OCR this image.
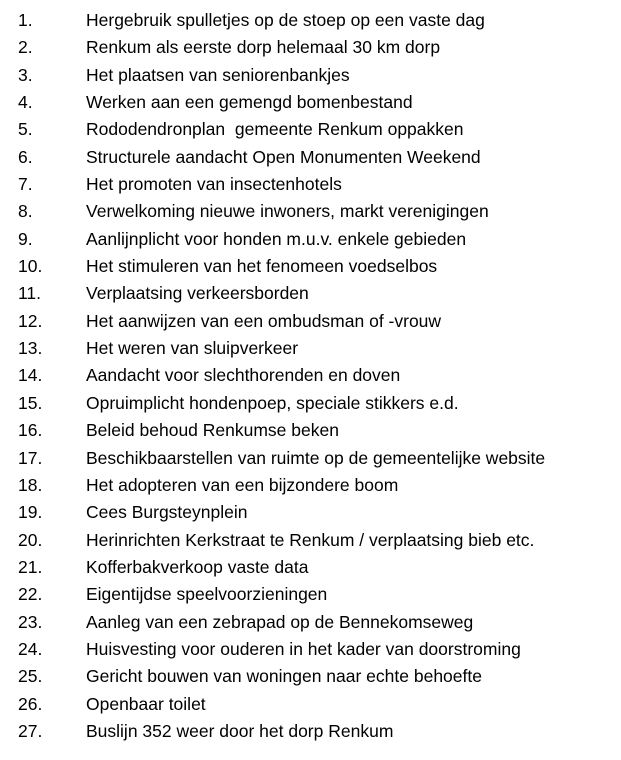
1.	Hergebruik spulletjes op de stoep op een vaste dag
2.	Renkum als eerste dorp helemaal 30 km dorp
3.	Het plaatsen van seniorenbankjes
4.	Werken aan een gemengd bomenbestand
5.	Rododendronplan  gemeente Renkum oppakken
6.	Structurele aandacht Open Monumenten Weekend
7.	Het promoten van insectenhotels
8.	Verwelkoming nieuwe inwoners, markt verenigingen
9.	Aanlijnplicht voor honden m.u.v. enkele gebieden
10. Het stimuleren van het fenomeen voedselbos
11.	Verplaatsing verkeersborden
12. Het aanwijzen van een ombudsman of -vrouw
13. Het weren van sluipverkeer
14. Aandacht voor slechthorenden en doven
15. Opruimplicht hondenpoep, speciale stikkers e.d.
16. Beleid behoud Renkumse beken
17. Beschikbaarstellen van ruimte op de gemeentelijke website
18. Het adopteren van een bijzondere boom
19. Cees Burgsteynplein
20. Herinrichten Kerkstraat te Renkum / verplaatsing bieb etc.
21. Kofferbakverkoop vaste data
22. Eigentijdse speelvoorzieningen
23. Aanleg van een zebrapad op de Bennekomseweg
24. Huisvesting voor ouderen in het kader van doorstroming
25. Gericht bouwen van woningen naar echte behoefte
26. Openbaar toilet
27. Buslijn 352 weer door het dorp Renkum
